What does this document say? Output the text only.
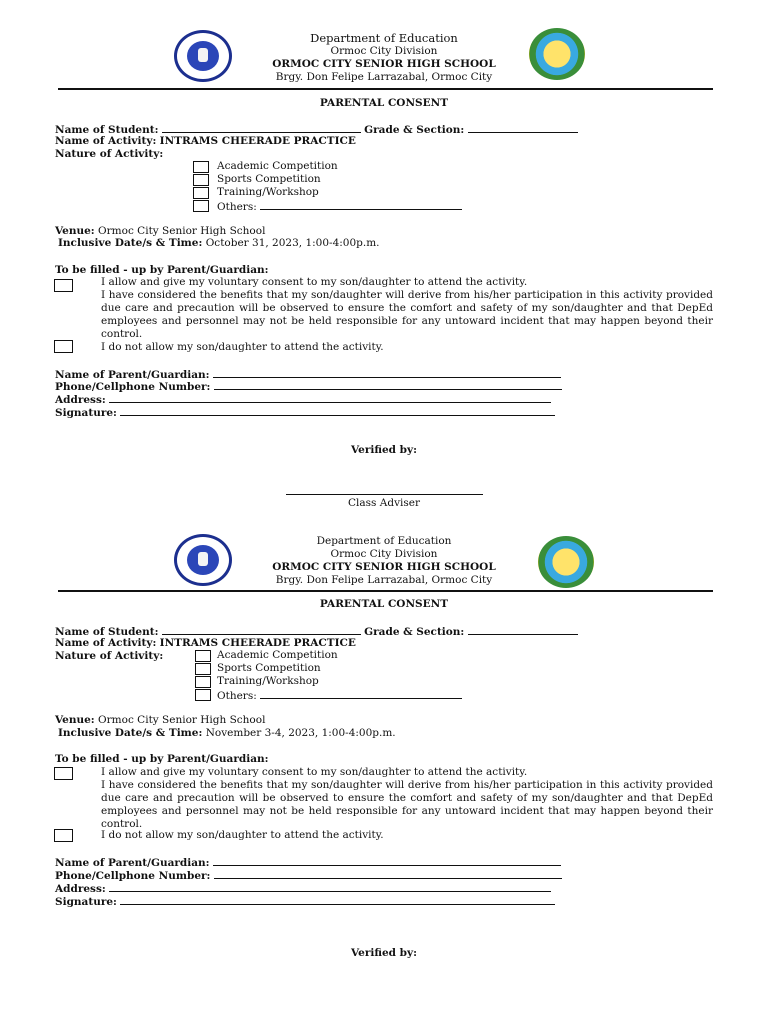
Department of Education
Ormoc City Division
ORMOC CITY SENIOR HIGH SCHOOL
Brgy. Don Felipe Larrazabal, Ormoc City
PARENTAL CONSENT
Name of Student:	Grade & Section:
Name of Activity: INTRAMS CHEERADE PRACTICE
Nature of Activity:
Academic Competition
Sports Competition
Training/Workshop
Others:
Venue: Ormoc City Senior High School
Inclusive Date/s & Time: October 31, 2023, 1:00-4:00p.m.
To be filled - up by Parent/Guardian:
I allow and give my voluntary consent to my son/daughter to attend the activity.
I have considered the benefits that my son/daughter will derive from his/her participation in this activity provided due care and precaution will be observed to ensure the comfort and safety of my son/daughter and that DepEd employees and personnel may not be held responsible for any untoward incident that may happen beyond their control.
I do not allow my son/daughter to attend the activity.
Name of Parent/Guardian:
Phone/Cellphone Number:
Address:
Signature:
Verified by:
Class Adviser
Department of Education
Ormoc City Division
ORMOC CITY SENIOR HIGH SCHOOL
Brgy. Don Felipe Larrazabal, Ormoc City
PARENTAL CONSENT
Name of Student:	Grade & Section:
Name of Activity: INTRAMS CHEERADE PRACTICE
Nature of Activity:	Academic Competition
Sports Competition
Training/Workshop
Others:
Venue: Ormoc City Senior High School
Inclusive Date/s & Time: November 3-4, 2023, 1:00-4:00p.m.
To be filled - up by Parent/Guardian:
I allow and give my voluntary consent to my son/daughter to attend the activity.
I have considered the benefits that my son/daughter will derive from his/her participation in this activity provided due care and precaution will be observed to ensure the comfort and safety of my son/daughter and that DepEd employees and personnel may not be held responsible for any untoward incident that may happen beyond their control.
I do not allow my son/daughter to attend the activity.
Name of Parent/Guardian:
Phone/Cellphone Number:
Address:
Signature:
Verified by:
